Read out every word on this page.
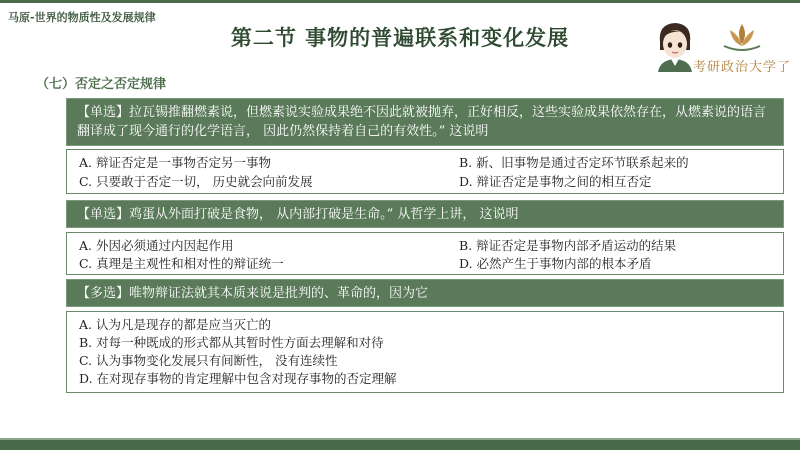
马原-世界的物质性及发展规律
第二节 事物的普遍联系和变化发展
考研政治大学了
（七）否定之否定规律
【单选】拉瓦锡推翻燃素说，但燃素说实验成果绝不因此就被抛弃，正好相反，这些实验成果依然存在，从燃素说的语言翻译成了现今通行的化学语言， 因此仍然保持着自己的有效性。” 这说明
A. 辩证否定是一事物否定另一事物	B. 新、旧事物是通过否定环节联系起来的
C. 只要敢于否定一切， 历史就会向前发展	D. 辩证否定是事物之间的相互否定
【单选】鸡蛋从外面打破是食物， 从内部打破是生命。” 从哲学上讲， 这说明
A. 外因必须通过内因起作用	B. 辩证否定是事物内部矛盾运动的结果
C. 真理是主观性和相对性的辩证统一	D. 必然产生于事物内部的根本矛盾
【多选】唯物辩证法就其本质来说是批判的、革命的，因为它
A. 认为凡是现存的都是应当灭亡的
B. 对每一种既成的形式都从其暂时性方面去理解和对待
C. 认为事物变化发展只有间断性， 没有连续性
D. 在对现存事物的肯定理解中包含对现存事物的否定理解
